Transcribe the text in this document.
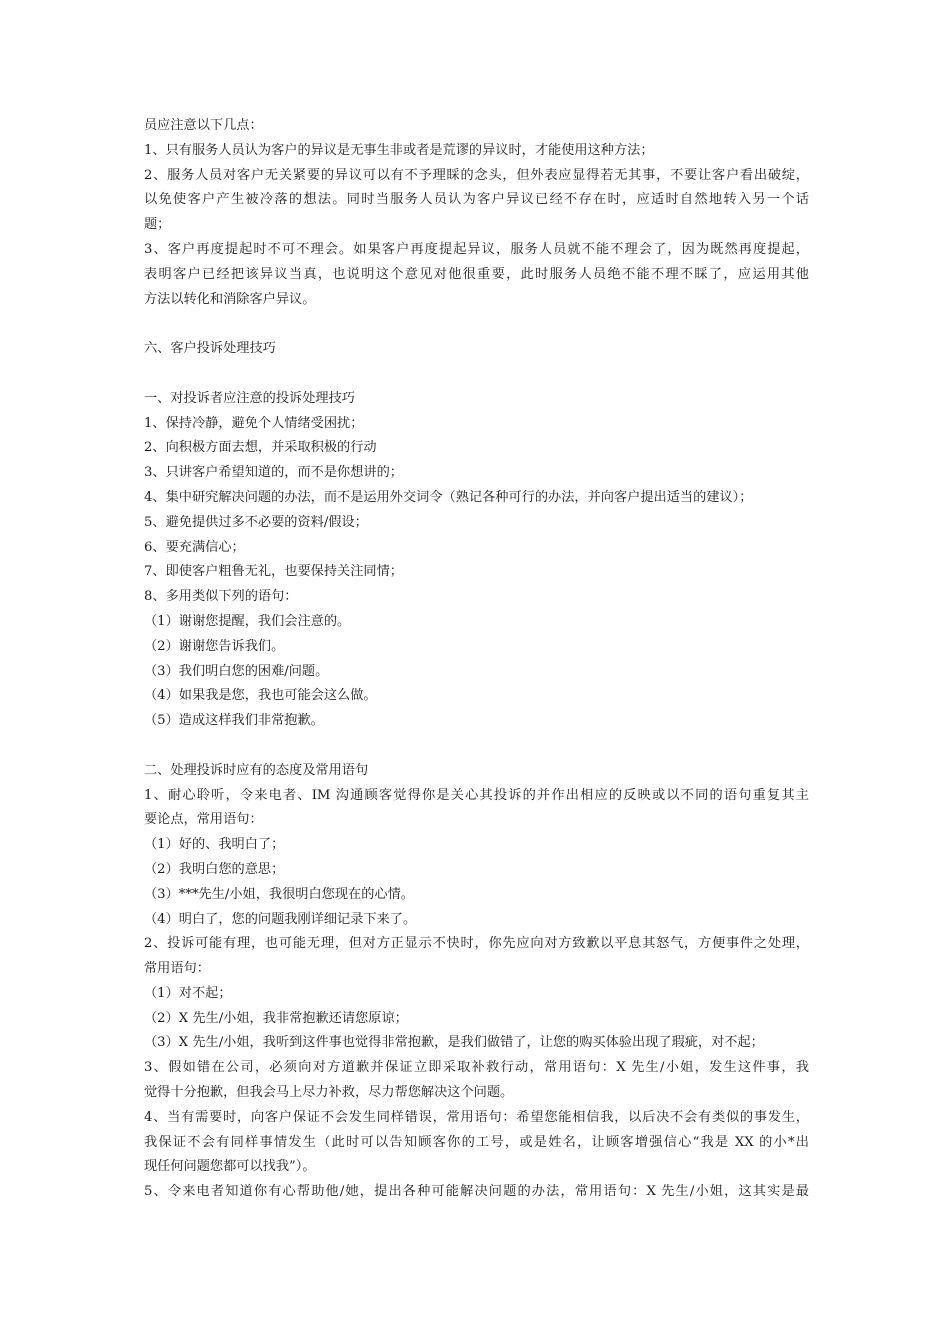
员应注意以下几点：
1、只有服务人员认为客户的异议是无事生非或者是荒谬的异议时，才能使用这种方法；
2、服务人员对客户无关紧要的异议可以有不予理睬的念头，但外表应显得若无其事，不要让客户看出破绽，
以免使客户产生被冷落的想法。同时当服务人员认为客户异议已经不存在时，应适时自然地转入另一个话
题；
3、客户再度提起时不可不理会。如果客户再度提起异议，服务人员就不能不理会了，因为既然再度提起，
表明客户已经把该异议当真，也说明这个意见对他很重要，此时服务人员绝不能不理不睬了，应运用其他
方法以转化和消除客户异议。
六、客户投诉处理技巧
一、对投诉者应注意的投诉处理技巧
1、保持冷静，避免个人情绪受困扰；
2、向积极方面去想，并采取积极的行动
3、只讲客户希望知道的，而不是你想讲的；
4、集中研究解决问题的办法，而不是运用外交词令（熟记各种可行的办法，并向客户提出适当的建议）；
5、避免提供过多不必要的资料/假设；
6、要充满信心；
7、即使客户粗鲁无礼，也要保持关注同情；
8、多用类似下列的语句：
（1）谢谢您提醒，我们会注意的。
（2）谢谢您告诉我们。
（3）我们明白您的困难/问题。
（4）如果我是您，我也可能会这么做。
（5）造成这样我们非常抱歉。
二、处理投诉时应有的态度及常用语句
1、耐心聆听，令来电者、IM 沟通顾客觉得你是关心其投诉的并作出相应的反映或以不同的语句重复其主
要论点，常用语句：
（1）好的、我明白了；
（2）我明白您的意思；
（3）***先生/小姐，我很明白您现在的心情。
（4）明白了，您的问题我刚详细记录下来了。
2、投诉可能有理，也可能无理，但对方正显示不快时，你先应向对方致歉以平息其怒气，方便事件之处理，
常用语句：
（1）对不起；
（2）X 先生/小姐，我非常抱歉还请您原谅；
（3）X 先生/小姐，我听到这件事也觉得非常抱歉，是我们做错了，让您的购买体验出现了瑕疵，对不起；
3、假如错在公司，必须向对方道歉并保证立即采取补救行动，常用语句：X 先生/小姐，发生这件事，我
觉得十分抱歉，但我会马上尽力补救，尽力帮您解决这个问题。
4、当有需要时，向客户保证不会发生同样错误，常用语句：希望您能相信我，以后决不会有类似的事发生，
我保证不会有同样事情发生（此时可以告知顾客你的工号，或是姓名，让顾客增强信心“我是 XX 的小*出
现任何问题您都可以找我”）。
5、令来电者知道你有心帮助他/她，提出各种可能解决问题的办法，常用语句：X 先生/小姐，这其实是最
